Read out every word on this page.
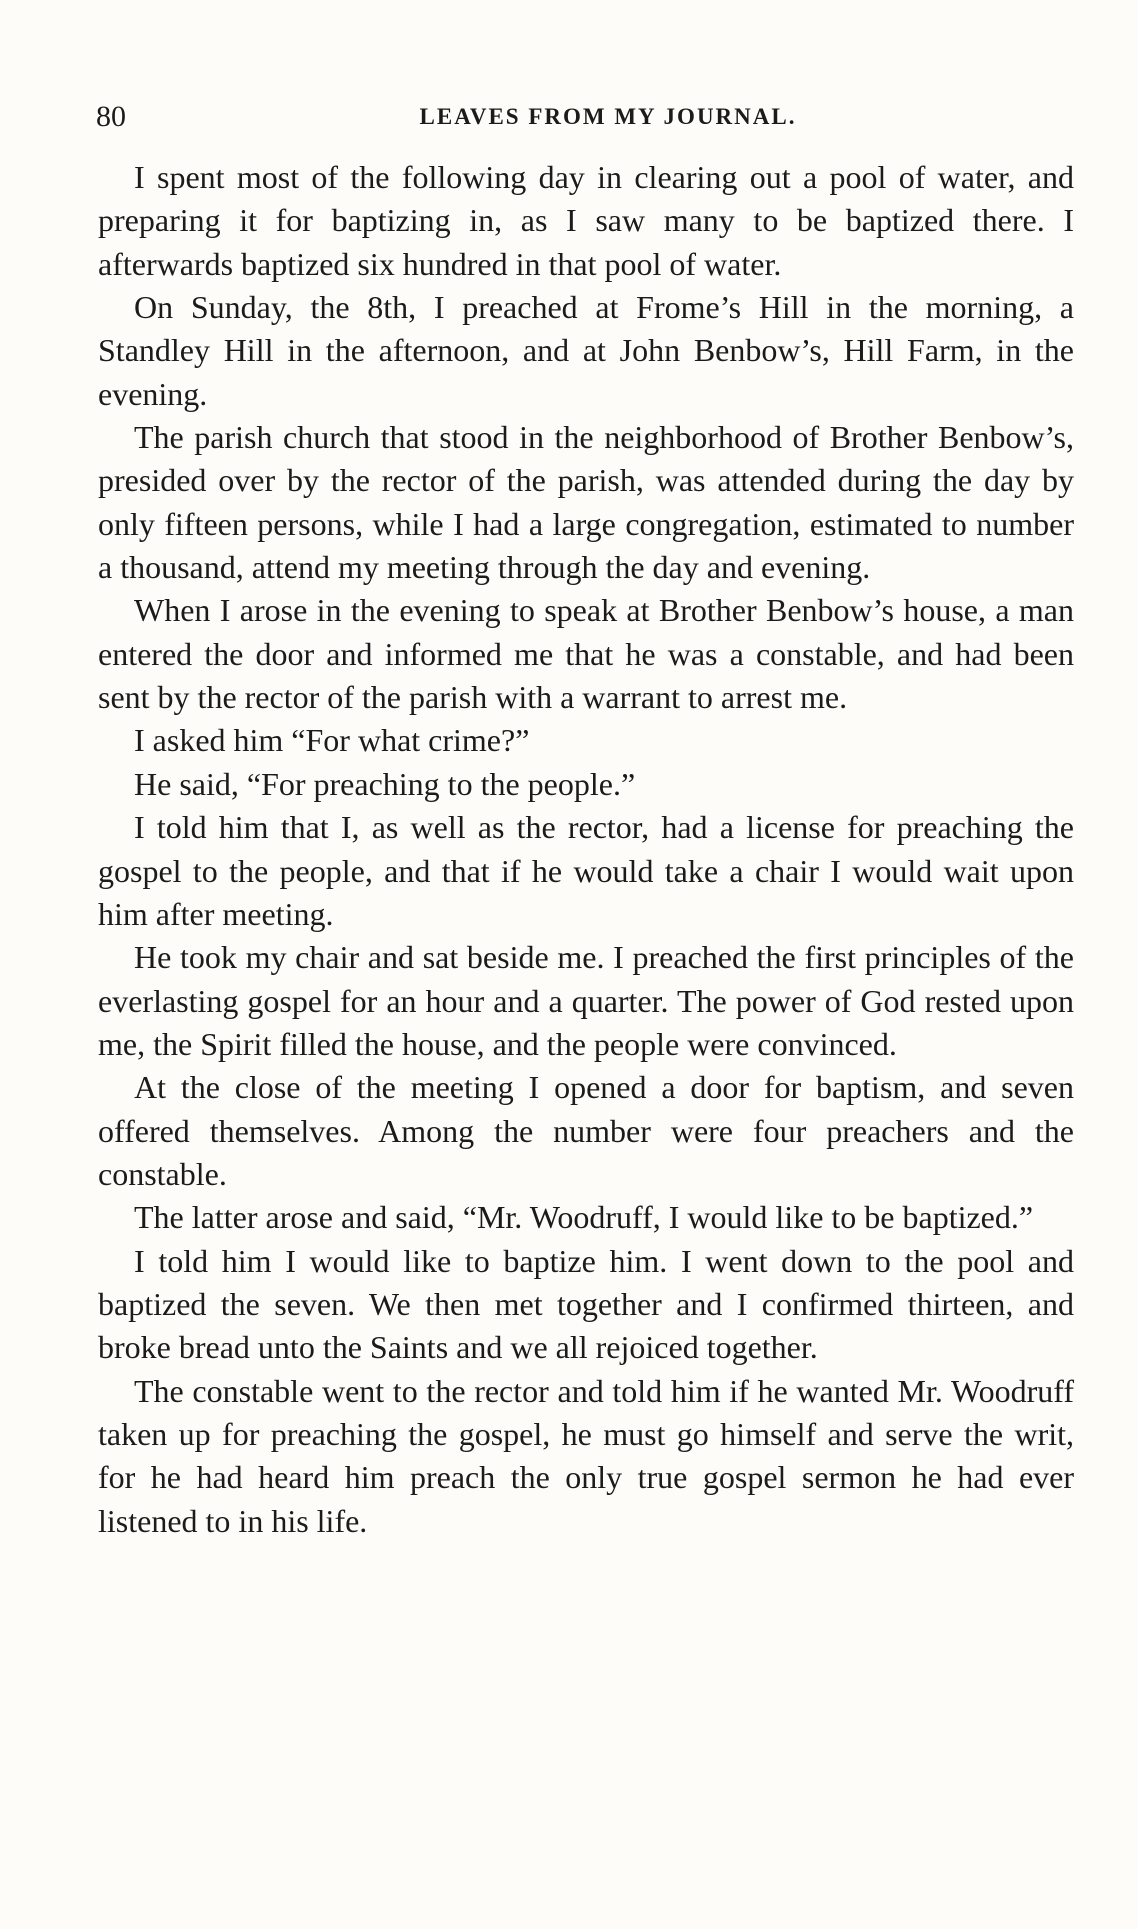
80	LEAVES FROM MY JOURNAL.

I spent most of the following day in clearing out a pool of water, and preparing it for baptizing in, as I saw many to be baptized there. I afterwards baptized six hundred in that pool of water.

On Sunday, the 8th, I preached at Frome’s Hill in the morning, a Standley Hill in the afternoon, and at John Benbow’s, Hill Farm, in the evening.

The parish church that stood in the neighborhood of Brother Benbow’s, presided over by the rector of the parish, was attended during the day by only fifteen persons, while I had a large congregation, estimated to number a thousand, attend my meeting through the day and evening.

When I arose in the evening to speak at Brother Benbow’s house, a man entered the door and informed me that he was a constable, and had been sent by the rector of the parish with a warrant to arrest me.

I asked him “For what crime?”

He said, “For preaching to the people.”

I told him that I, as well as the rector, had a license for preaching the gospel to the people, and that if he would take a chair I would wait upon him after meeting.

He took my chair and sat beside me. I preached the first principles of the everlasting gospel for an hour and a quarter. The power of God rested upon me, the Spirit filled the house, and the people were convinced.

At the close of the meeting I opened a door for baptism, and seven offered themselves. Among the number were four preachers and the constable.

The latter arose and said, “Mr. Woodruff, I would like to be baptized.”

I told him I would like to baptize him. I went down to the pool and baptized the seven. We then met together and I confirmed thirteen, and broke bread unto the Saints and we all rejoiced together.

The constable went to the rector and told him if he wanted Mr. Woodruff taken up for preaching the gospel, he must go himself and serve the writ, for he had heard him preach the only true gospel sermon he had ever listened to in his life.
